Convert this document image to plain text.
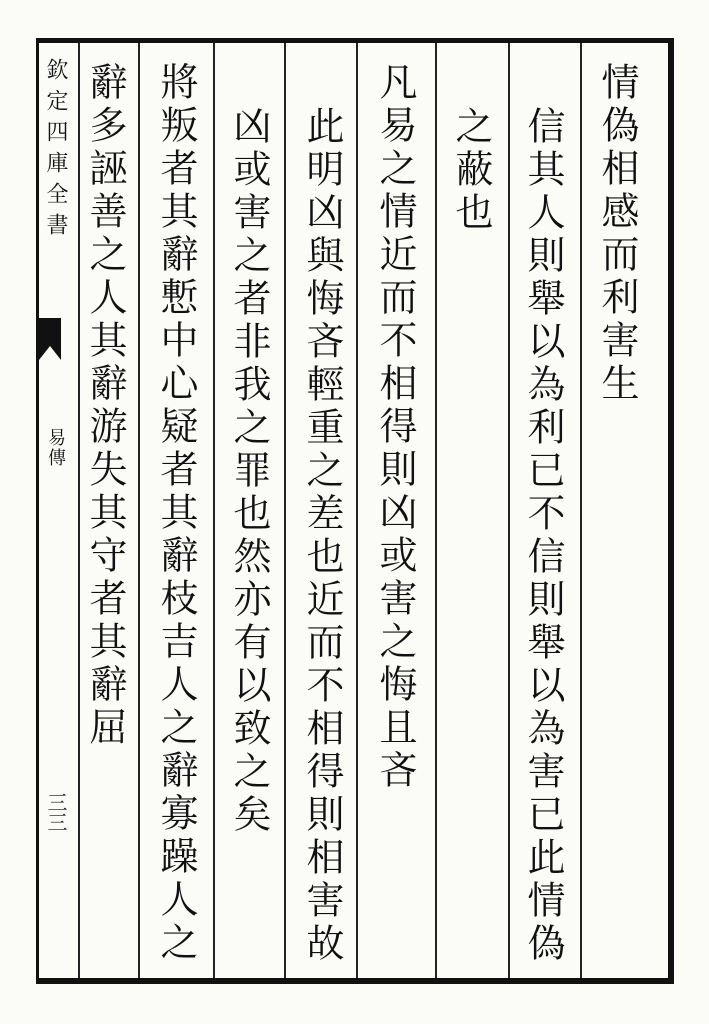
欽定四庫全書
易傳
三三
情偽相感而利害生
信其人則舉以為利已不信則舉以為害已此情偽
之蔽也
凡易之情近而不相得則凶或害之悔且吝
此明凶與悔吝輕重之差也近而不相得則相害故
凶或害之者非我之罪也然亦有以致之矣
將叛者其辭慙中心疑者其辭枝吉人之辭寡躁人之
辭多誣善之人其辭游失其守者其辭屈
